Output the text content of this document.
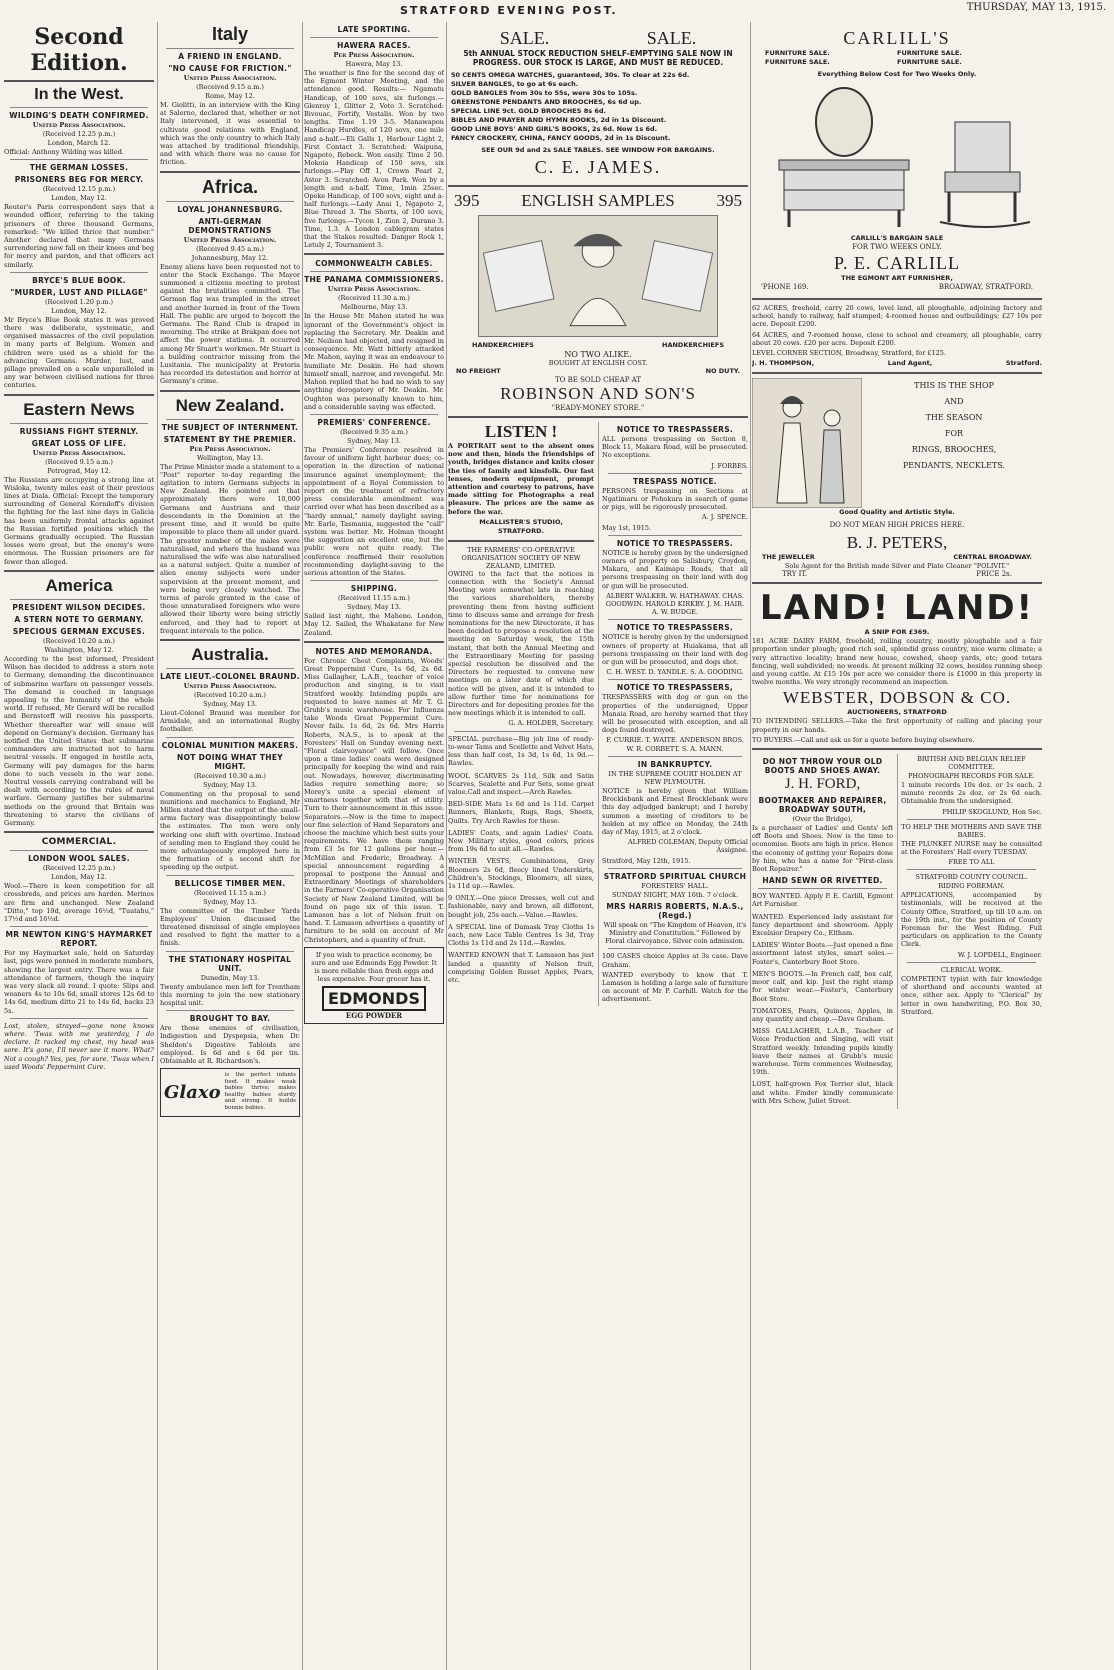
STRATFORD EVENING POST.	THURSDAY, MAY 13, 1915.
Second Edition.
In the West.
WILDING'S DEATH CONFIRMED.
United Press Association.
(Received 12.25 p.m.)
London, March 12.
Official: Anthony Wilding was killed.
THE GERMAN LOSSES.
PRISONERS BEG FOR MERCY.
(Received 12.15 p.m.)
London, May 12.
Reuter's Paris correspondent says that a wounded officer, referring to the taking prisoners of three thousand Germans, remarked: "We killed thrice that number." Another declared that many Germans surrendering now fall on their knees and beg for mercy and pardon, and that officers act similarly.
BRYCE'S BLUE BOOK.
"MURDER, LUST AND PILLAGE"
(Received 1.20 p.m.)
London, May 12.
Mr Bryce's Blue Book states it was proved there was deliberate, systematic, and organised massacres of the civil population in many parts of Belgium. Women and children were used as a shield for the advancing Germans. Murder, lust, and pillage prevailed on a scale unparalleled in any war between civilised nations for three centuries.
Eastern News
RUSSIANS FIGHT STERNLY.
GREAT LOSS OF LIFE.
United Press Association.
(Received 9.15 a.m.)
Petrograd, May 12.
The Russians are occupying a strong line at Wisloka, twenty miles east of their previous lines at Diala. Official: Except the temporary surrounding of General Korniloff's division the fighting for the last nine days in Galicia has been uniformly frontal attacks against the Russian fortified positions which the Germans gradually occupied. The Russian losses were great, but the enemy's were enormous. The Russian prisoners are far fewer than alleged.
America
PRESIDENT WILSON DECIDES.
A STERN NOTE TO GERMANY.
SPECIOUS GERMAN EXCUSES.
(Received 10.20 a.m.)
Washington, May 12.
According to the best informed, President Wilson has decided to address a stern note to Germany, demanding the discontinuance of submarine warfare on passenger vessels. The demand is couched in language appealing to the humanity of the whole world. If refused, Mr Gerard will be recalled and Bernstorff will receive his passports. Whether thereafter war will ensue will depend on Germany's decision. Germany has notified the United States that submarine commanders are instructed not to harm neutral vessels. If engaged in hostile acts, Germany will pay damages for the harm done to such vessels in the war zone. Neutral vessels carrying contraband will be dealt with according to the rules of naval warfare. Germany justifies her submarine methods on the ground that Britain was threatening to starve the civilians of Germany.
COMMERCIAL.
LONDON WOOL SALES.
(Received 12.25 p.m.)
London, May 12.
Wool.—There is keen competition for all crossbreds, and prices are harden. Merinos are firm and unchanged. New Zealand "Ditto," top 19d, average 16½d, "Tuatahu," 17½d and 16½d.
MR NEWTON KING'S HAYMARKET REPORT.
For my Haymarket sale, held on Saturday last, pigs were penned in moderate numbers, showing the largest entry. There was a fair attendance of farmers, though the inquiry was very slack all round. I quote: Slips and weaners 4s to 10s 6d, small stores 12s 6d to 14s 6d, medium ditto 21 to 14s 6d, backs 23 5s.
Lost, stolen, strayed—gone none knows where. 'Twas with me yesterday, I do declare. It racked my chest, my head was sore. It's gone, I'll never see it more. What? Not a cough? Yes, yes, for sure. 'Twas when I used Woods' Peppermint Cure.
Italy
A FRIEND IN ENGLAND.
"NO CAUSE FOR FRICTION."
United Press Association.
(Received 9.15 a.m.)
Rome, May 12.
M. Giolitti, in an interview with the King at Salerno, declared that, whether or not Italy intervened, it was essential to cultivate good relations with England, which was the only country to which Italy was attached by traditional friendship, and with which there was no cause for friction.
Africa.
LOYAL JOHANNESBURG.
ANTI-GERMAN DEMONSTRATIONS
United Press Association.
(Received 9.45 a.m.)
Johannesburg, May 12.
Enemy aliens have been requested not to enter the Stock Exchange. The Mayor summoned a citizens meeting to protest against the brutalities committed. The German flag was trampled in the street and another burned in front of the Town Hall. The public are urged to boycott the Germans. The Rand Club is draped in mourning. The strike at Brakpan does not affect the power stations. It occurred among Mr Stuart's workmen. Mr Stuart is a building contractor missing from the Lusitania. The municipality at Pretoria has recorded its detestation and horror at Germany's crime.
New Zealand.
THE SUBJECT OF INTERNMENT.
STATEMENT BY THE PREMIER.
Per Press Association.
Wellington, May 13.
The Prime Minister made a statement to a "Post" reporter to-day regarding the agitation to intern Germans subjects in New Zealand. He pointed out that approximately there were 10,000 Germans and Austrians and their descendants in the Dominion at the present time, and it would be quite impossible to place them all under guard. The greater number of the males were naturalised, and where the husband was naturalised the wife was also naturalised as a natural subject. Quite a number of alien enemy subjects were under supervision at the present moment, and were being very closely watched. The terms of parole granted in the case of those unnaturalised foreigners who were allowed their liberty were being strictly enforced, and they had to report at frequent intervals to the police.
Australia.
LATE LIEUT.-COLONEL BRAUND.
United Press Association.
(Received 10.20 a.m.)
Sydney, May 13.
Lieut-Colonel Braund was member for Armidale, and an international Rugby footballer.
COLONIAL MUNITION MAKERS.
NOT DOING WHAT THEY MIGHT.
(Received 10.30 a.m.)
Sydney, May 13.
Commenting on the proposal to send munitions and mechanics to England, Mr Millen stated that the output of the small-arms factory was disappointingly below the estimates. The men were only working one shift with overtime. Instead of sending men to England they could be more advantageously employed here in the formation of a second shift for speeding up the output.
BELLICOSE TIMBER MEN.
(Received 11.15 a.m.)
Sydney, May 13.
The committee of the Timber Yards Employees' Union discussed the threatened dismissal of single employees and resolved to fight the matter to a finish.
THE STATIONARY HOSPITAL UNIT.
Dunedin, May 13.
Twenty ambulance men left for Trentham this morning to join the new stationary hospital unit.
BROUGHT TO BAY.
Are those enemies of civilisation, Indigestion and Dyspepsia, when Dr. Sheldon's Digestive Tabloids are employed. Is 6d and s 6d per tin. Obtainable at R. Richardson's.
Glaxo
is the perfect infants food. It makes weak babies thrive; makes healthy babies sturdy and strong. It builds bonnie babies.
LATE SPORTING.
HAWERA RACES.
Per Press Association.
Hawera, May 13.
The weather is fine for the second day of the Egmont Winter Meeting, and the attendance good. Results:— Ngamatu Handicap, of 100 sovs, six furlongs.—Glenroy 1, Glitter 2, Voto 3. Scratched: Bivouac, Fortify, Vestalis. Won by two lengths. Time 1.19 3-5. Manawapou Handicap Hurdles, of 120 sovs, one mile and a-half.—Eli Galls 1, Harbour Light 2, First Contact 3. Scratched: Waipuna, Ngapoto, Rebeck. Won easily. Time 2 50. Mokoia Handicap of 150 sovs, six furlongs.—Play Off 1, Crown Pearl 2, Astor 3. Scratched: Avon Park. Won by a length and a-half. Time, 1min 25sec. Opeke Handicap, of 100 sovs, eight and a-half furlongs.—Lady Anai 1, Ngapoto 2, Blue Thread 3. The Shorts, of 100 sovs, five furlongs.—Tycon 1, Zion 2, Durano 3. Time, 1.3. A London cablegram states that the Stakes resulted: Danger Rock 1, Letuly 2, Tournament 3.
COMMONWEALTH CABLES.
THE PANAMA COMMISSIONERS.
United Press Association.
(Received 11.30 a.m.)
Melbourne, May 13.
In the House Mr. Mahon stated he was ignorant of the Government's object in replacing the Secretary. Mr. Deakin and Mr. Neilson had objected, and resigned in consequence. Mr. Watt bitterly attacked Mr. Mahon, saying it was an endeavour to humiliate Mr. Deakin. He had shown himself small, narrow, and revengeful. Mr. Mahon replied that he had no wish to say anything derogatory of Mr. Deakin. Mr. Oughton was personally known to him, and a considerable saving was effected.
PREMIERS' CONFERENCE.
(Received 9.35 a.m.)
Sydney, May 13.
The Premiers' Conference resolved in favour of uniform light harbour dues; co-operation in the direction of national insurance against unemployment; the appointment of a Royal Commission to report on the treatment of refractory press considerable amendment was carried over what has been described as a "hardy annual," namely daylight saving. Mr. Earle, Tasmania, suggested the "call" system was better. Mr. Holman thought the suggestion an excellent one, but the public were not quite ready. The conference reaffirmed their resolution recommending daylight-saving to the serious attention of the States.
SHIPPING.
(Received 11.15 a.m.)
Sydney, May 13.
Sailed last night, the Maheno. London, May 12. Sailed, the Whakatane for New Zealand.
NOTES AND MEMORANDA.
For Chronic Chest Complaints, Woods' Great Peppermint Cure, 1s 6d, 2s 6d. Miss Gallagher, L.A.B., teacher of voice production and singing, is to visit Stratford weekly. Intending pupils are requested to leave names at Mr T. G. Grubb's music warehouse. For Influenza take Woods Great Peppermint Cure. Never fails. 1s 6d, 2s 6d. Mrs Harris Roberts, N.A.S., is to speak at the Foresters' Hall on Sunday evening next. "Floral clairvoyance" will follow. Once upon a time ladies' coats were designed principally for keeping the wind and rain out. Nowadays, however, discriminating ladies require something more; so Morey's unite a special element of smartness together with that of utility. Turn to their announcement in this issue. Separators.—Now is the time to inspect our fine selection of Hand Separators and choose the machine which best suits your requirements. We have them ranging from £3 5s for 12 gallons per hour.—McMillan and Frederic, Broadway. A special announcement regarding a proposal to postpone the Annual and Extraordinary Meetings of shareholders in the Farmers' Co-operative Organisation Society of New Zealand Limited, will be found on page six of this issue. T. Lamason has a lot of Nelson fruit on hand. T. Lamason advertises a quantity of furniture to be sold on account of Mr Christophers, and a quantity of fruit.
If you wish to practice economy, be sure and use Edmonds Egg Powder. It is more reliable than fresh eggs and less expensive. Four grocer has it.
EDMONDS
EGG POWDER
SALE.	SALE.
5th ANNUAL STOCK REDUCTION SHELF-EMPTYING SALE NOW IN PROGRESS. OUR STOCK IS LARGE, AND MUST BE REDUCED.
50 CENTS OMEGA WATCHES, guaranteed, 30s. To clear at 22s 6d.
SILVER BANGLES, to go at 6s each.
GOLD BANGLES from 30s to 55s, were 30s to 105s.
GREENSTONE PENDANTS AND BROOCHES, 6s 6d up.
SPECIAL LINE 9ct. GOLD BROOCHES 8s 6d.
BIBLES AND PRAYER AND HYMN BOOKS, 2d in 1s Discount.
GOOD LINE BOYS' AND GIRL'S BOOKS, 2s 6d. Now 1s 6d.
FANCY CROCKERY, CHINA, FANCY GOODS, 2d in 1s Discount.
SEE OUR 9d and 2s SALE TABLES. SEE WINDOW FOR BARGAINS.
C. E. JAMES.
395 ENGLISH SAMPLES 395
HANDKERCHIEFS	HANDKERCHIEFS
NO TWO ALIKE.
BOUGHT AT ENGLISH COST.
NO FREIGHT	NO DUTY.
TO BE SOLD CHEAP AT
ROBINSON AND SON'S
"READY-MONEY STORE."
LISTEN !
A PORTRAIT sent to the absent ones now and then, binds the friendships of youth, bridges distance and knits closer the ties of family and kinsfolk. Our fast lenses, modern equipment, prompt attention and courtesy to patrons, have made sitting for Photographs a real pleasure. The prices are the same as before the war.
McALLISTER'S STUDIO,
STRATFORD.
THE FARMERS' CO-OPERATIVE ORGANISATION SOCIETY OF NEW ZEALAND, LIMITED.
OWING to the fact that the notices in connection with the Society's Annual Meeting were somewhat late in reaching the various shareholders, thereby preventing them from having sufficient time to discuss same and arrange for fresh nominations for the new Directorate, it has been decided to propose a resolution at the meeting on Saturday week, the 15th instant, that both the Annual Meeting and the Extraordinary Meeting for passing special resolution be dissolved and the Directors be requested to convene new meetings on a later date of which due notice will be given, and it is intended to allow further time for nominations for Directors and for depositing proxies for the new meetings which it is intended to call.
G. A. HOLDER, Secretary.
SPECIAL purchase—Big job line of ready-to-wear Tams and Scellette and Velvet Hats, less than half cost, 1s 3d, 1s 6d, 1s 9d.—Rawles.
WOOL SCARVES 2s 11d, Silk and Satin Scarves, Sealette and Fur Sets, some great value.Call and inspect.—Arch Rawles.
BED-SIDE Mats 1s 6d and 1s 11d. Carpet Runners, Blankets, Rugs, Rugs, Sheets, Quilts. Try Arch Rawles for these.
LADIES' Coats, and again Ladies' Coats. New Military styles, good colors, prices from 19s 6d to suit all.—Rawles.
WINTER VESTS, Combinations, Grey Bloomers 2s 6d, fleecy lined Underskirts, Children's, Stockings, Bloomers, all sizes, 1s 11d up.—Rawles.
9 ONLY.—One piece Dresses, well cut and fashionable, navy and brown, all different, bought job, 25s each.—Value.—Rawles.
A SPECIAL line of Damask Tray Cloths 1s each, new Lace Table Centres 1s 3d, Tray Cloths 1s 11d and 2s 11d.—Rawles.
WANTED KNOWN that T. Lamason has just landed a quantity of Nelson fruit, comprising Golden Russet Apples, Pears, etc.
NOTICE TO TRESPASSERS.
ALL persons trespassing on Section 8, Block 11, Makara Road, will be prosecuted. No exceptions.
J. FORBES.
TRESPASS NOTICE.
PERSONS trespassing on Sections at Ngatimaru or Pohokura in search of game or pigs, will be rigorously prosecuted.
A. J. SPENCE.
May 1st, 1915.
NOTICE TO TRESPASSERS.
NOTICE is hereby given by the undersigned owners of property on Salisbury, Croydon, Makara, and Kaimapu Roads, that all persons trespassing on their land with dog or gun will be prosecuted.
ALBERT WALKER. W. HATHAWAY. CHAS. GOODWIN. HAROLD KIRKBY. J. M. HAIR. A. W. BUDGE.
NOTICE TO TRESPASSERS.
NOTICE is hereby given by the undersigned owners of property at Huiakama, that all persons trespassing on their land with dog or gun will be prosecuted, and dogs shot.
C. H. WEST. D. YANDLE. S. A. GOODING.
NOTICE TO TRESPASSERS,
TRESPASSERS with dog or gun on the properties of the undersigned, Upper Manaia Road, are hereby warned that they will be prosecuted with exception, and all dogs found destroyed.
F. CURRIE. T. WAITE. ANDERSON BROS. W. R. CORBETT. S. A. MANN.
IN BANKRUPTCY.
IN THE SUPREME COURT HOLDEN AT NEW PLYMOUTH.
NOTICE is hereby given that William Brocklebank and Ernest Brocklebank were this day adjudged bankrupt; and I hereby summon a meeting of creditors to be holden at my office on Monday, the 24th day of May, 1915, at 2 o'clock.
ALFRED COLEMAN, Deputy Official Assignee.
Stratford, May 12th, 1915.
STRATFORD SPIRITUAL CHURCH
FORESTERS' HALL.
SUNDAY NIGHT, MAY 16th. 7 o'clock.
MRS HARRIS ROBERTS, N.A.S., (Regd.)
Will speak on "The Kingdom of Heaven, it's Ministry and Constitution." Followed by Floral clairvoyance. Silver coin admission.
100 CASES choice Apples at 3s case. Dave Graham.
WANTED everybody to know that T. Lamason is holding a large sale of furniture on account of Mr P. Carhill. Watch for the advertisement.
CARLILL'S
FURNITURE SALE.	FURNITURE SALE.
FURNITURE SALE.	FURNITURE SALE.
Everything Below Cost for Two Weeks Only.
CARLILL'S BARGAIN SALE
FOR TWO WEEKS ONLY.
P. E. CARLILL
THE EGMONT ART FURNISHER,
'PHONE 169.	BROADWAY, STRATFORD.
62 ACRES, freehold, carry 20 cows, level land, all ploughable, adjoining factory and school, handy to railway, half stumped; 4-roomed house and outbuildings; £27 10s per acre. Deposit £200.
64 ACRES, and 7-roomed house, close to school and creamery, all ploughable, carry about 20 cows. £20 per acre. Deposit £200.
LEVEL CORNER SECTION, Broadway, Stratford, for £125.
J. H. THOMPSON,	Land Agent,	Stratford.
THIS IS THE SHOP
AND
THE SEASON
FOR
RINGS, BROOCHES,
PENDANTS, NECKLETS.
Good Quality and Artistic Style.
DO NOT MEAN HIGH PRICES HERE.
B. J. PETERS,
THE JEWELLER	CENTRAL BROADWAY.
Sole Agent for the British made Silver and Plate Cleaner "POLIVIT."
TRY IT.	PRICE 2s.
LAND! LAND!
A SNIP FOR £369.
181 ACRE DAIRY FARM, freehold, rolling country, mostly ploughable and a fair proportion under plough; good rich soil, splendid grass country, nice warm climate; a very attractive locality; brand new house, cowshed, sheep yards, etc; good totara fencing, well subdivided; no weeds. At present milking 32 cows, besides running sheep and young cattle. At £15 10s per acre we consider there is £1000 in this property in twelve months. We very strongly recommend an inspection.
WEBSTER, DOBSON & CO.
AUCTIONEERS, STRATFORD
TO INTENDING SELLERS.—Take the first opportunity of calling and placing your property in our hands.
TO BUYERS.—Call and ask us for a quote before buying elsewhere.
DO NOT THROW YOUR OLD BOOTS AND SHOES AWAY.
J. H. FORD,
BOOTMAKER AND REPAIRER, BROADWAY SOUTH,
(Over the Bridge),
Is a purchaser of Ladies' and Gents' left off Boots and Shoes. Now is the time to economise. Boots are high in price. Hence the economy of getting your Repairs done by him, who has a name for "First-class Boot Repairer."
HAND SEWN OR RIVETTED.
BOY WANTED. Apply P. E. Carlill, Egmont Art Furnisher.
WANTED. Experienced lady assistant for fancy department and showroom. Apply Excelsior Drapery Co., Eltham.
LADIES' Winter Boots.—Just opened a fine assortment latest styles, smart soles.—Foster's, Canterbury Boot Store.
MEN'S BOOTS.—In French calf, box calf, moor calf, and kip. Just the right stamp for winter wear.—Foster's, Canterbury Boot Store.
TOMATOES, Pears, Quinces, Apples, in any quantity and cheap.—Dave Graham.
MISS GALLAGHER, L.A.B., Teacher of Voice Production and Singing, will visit Stratford weekly. Intending pupils kindly leave their names at Grubb's music warehouse. Term commences Wednesday, 19th.
LOST, half-grown Fox Terrier slut, black and white. Finder kindly communicate with Mrs Schow, Juliet Street.
BRITISH AND BELGIAN RELIEF COMMITTEE.
PHONOGRAPH RECORDS FOR SALE.
1 minute records 10s doz. or 1s each. 2 minute records 2s doz. or 2s 6d each. Obtainable from the undersigned.
PHILIP SKOGLUND, Hon Sec.
TO HELP THE MOTHERS AND SAVE THE BABIES.
THE PLUNKET NURSE may be consulted at the Foresters' Hall every TUESDAY.
FREE TO ALL
STRATFORD COUNTY COUNCIL.
RIDING FOREMAN.
APPLICATIONS, accompanied by testimonials, will be received at the County Office, Stratford, up till 10 a.m. on the 19th inst., for the position of County Foreman for the West Riding. Full particulars on application to the County Clerk.
W. J. LOPDELL, Engineer.
CLERICAL WORK.
COMPETENT typist with fair knowledge of shorthand and accounts wanted at once, either sex. Apply to "Clerical" by letter in own handwriting, P.O. Box 30, Stratford.
